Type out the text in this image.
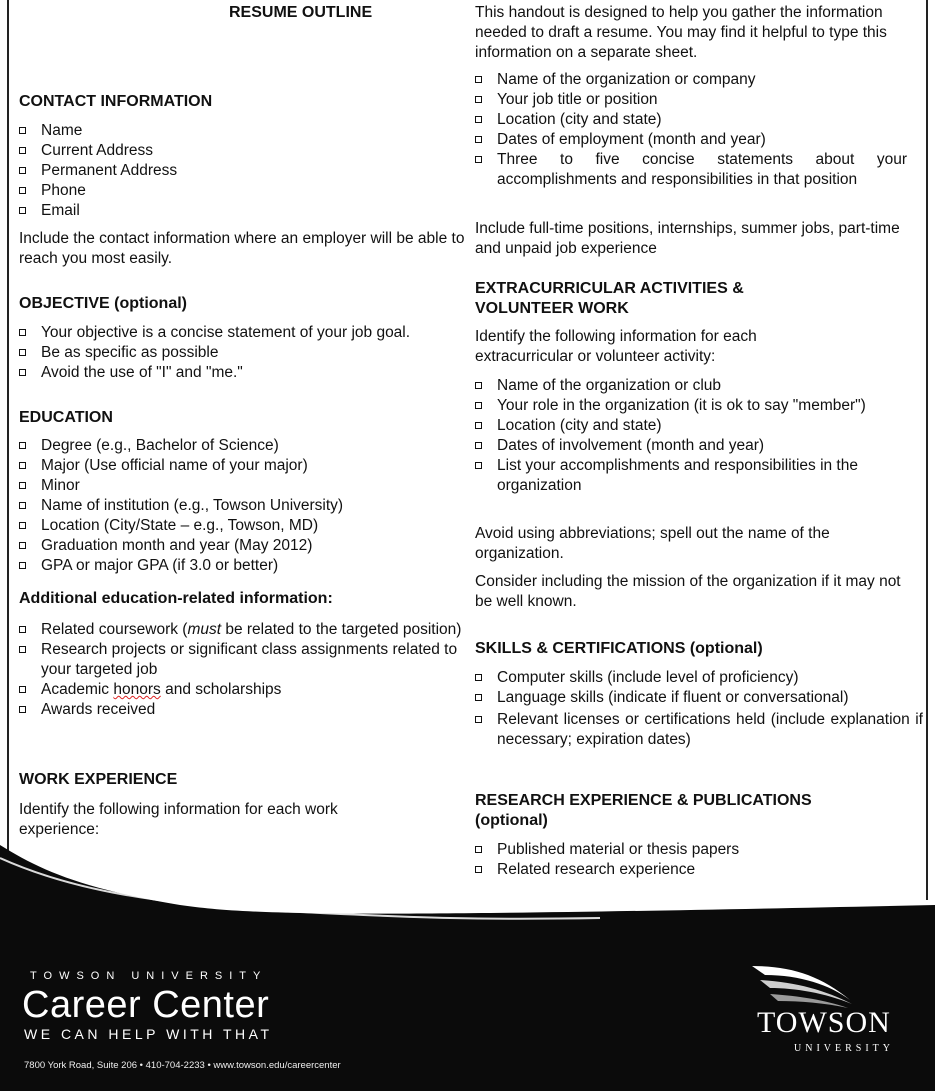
RESUME OUTLINE
CONTACT INFORMATION
Name
Current Address
Permanent Address
Phone
Email
Include the contact information where an employer will be able to reach you most easily.
OBJECTIVE (optional)
Your objective is a concise statement of your job goal.
Be as specific as possible
Avoid the use of "I" and "me."
EDUCATION
Degree (e.g., Bachelor of Science)
Major (Use official name of your major)
Minor
Name of institution (e.g., Towson University)
Location (City/State – e.g., Towson, MD)
Graduation month and year (May 2012)
GPA or major GPA (if 3.0 or better)
Additional education-related information:
Related coursework (must be related to the targeted position)
Research projects or significant class assignments related to your targeted job
Academic honors and scholarships
Awards received
WORK EXPERIENCE
Identify the following information for each work experience:
This handout is designed to help you gather the information needed to draft a resume. You may find it helpful to type this information on a separate sheet.
Name of the organization or company
Your job title or position
Location (city and state)
Dates of employment (month and year)
Three to five concise statements about your accomplishments and responsibilities in that position
Include full-time positions, internships, summer jobs, part-time and unpaid job experience
EXTRACURRICULAR ACTIVITIES & VOLUNTEER WORK
Identify the following information for each extracurricular or volunteer activity:
Name of the organization or club
Your role in the organization (it is ok to say "member")
Location (city and state)
Dates of involvement (month and year)
List your accomplishments and responsibilities in the organization
Avoid using abbreviations; spell out the name of the organization.
Consider including the mission of the organization if it may not be well known.
SKILLS & CERTIFICATIONS (optional)
Computer skills (include level of proficiency)
Language skills (indicate if fluent or conversational)
Relevant licenses or certifications held (include explanation if necessary; expiration dates)
RESEARCH EXPERIENCE & PUBLICATIONS (optional)
Published material or thesis papers
Related research experience
TOWSON UNIVERSITY
Career Center
WE CAN HELP WITH THAT
7800 York Road, Suite 206 • 410-704-2233 • www.towson.edu/careercenter
TOWSON
UNIVERSITY
